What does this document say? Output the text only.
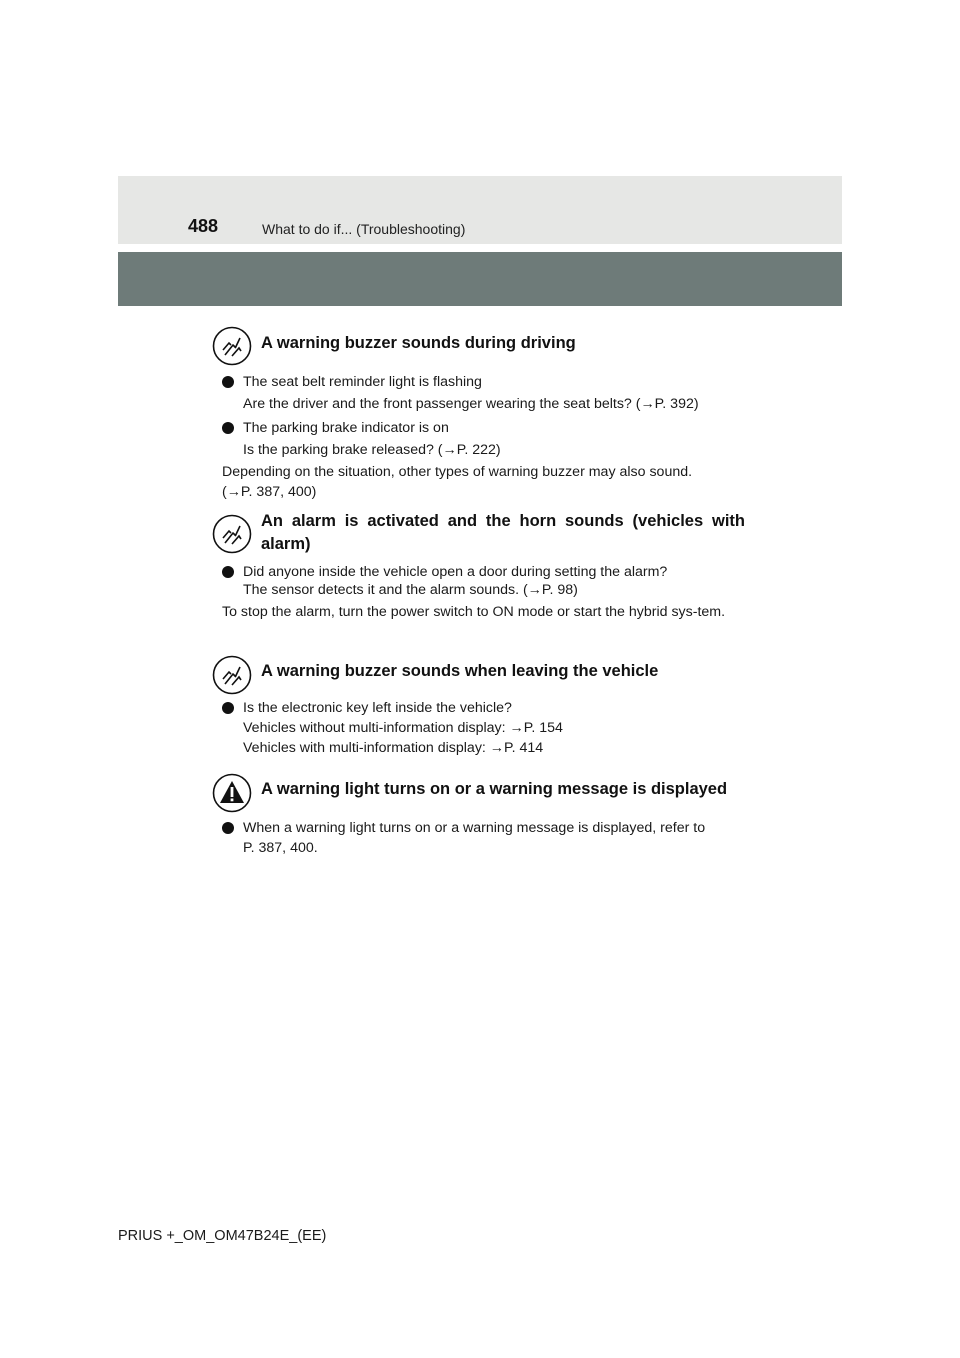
488	What to do if... (Troubleshooting)
A warning buzzer sounds during driving
The seat belt reminder light is flashing
Are the driver and the front passenger wearing the seat belts? (→P. 392)
The parking brake indicator is on
Is the parking brake released? (→P. 222)
Depending on the situation, other types of warning buzzer may also sound.
(→P. 387, 400)
An alarm is activated and the horn sounds (vehicles with alarm)
Did anyone inside the vehicle open a door during setting the alarm?
The sensor detects it and the alarm sounds. (→P. 98)
To stop the alarm, turn the power switch to ON mode or start the hybrid sys-tem.
A warning buzzer sounds when leaving the vehicle
Is the electronic key left inside the vehicle?
Vehicles without multi-information display: →P. 154
Vehicles with multi-information display: →P. 414
A warning light turns on or a warning message is displayed
When a warning light turns on or a warning message is displayed, refer to
P. 387, 400.
PRIUS +_OM_OM47B24E_(EE)
